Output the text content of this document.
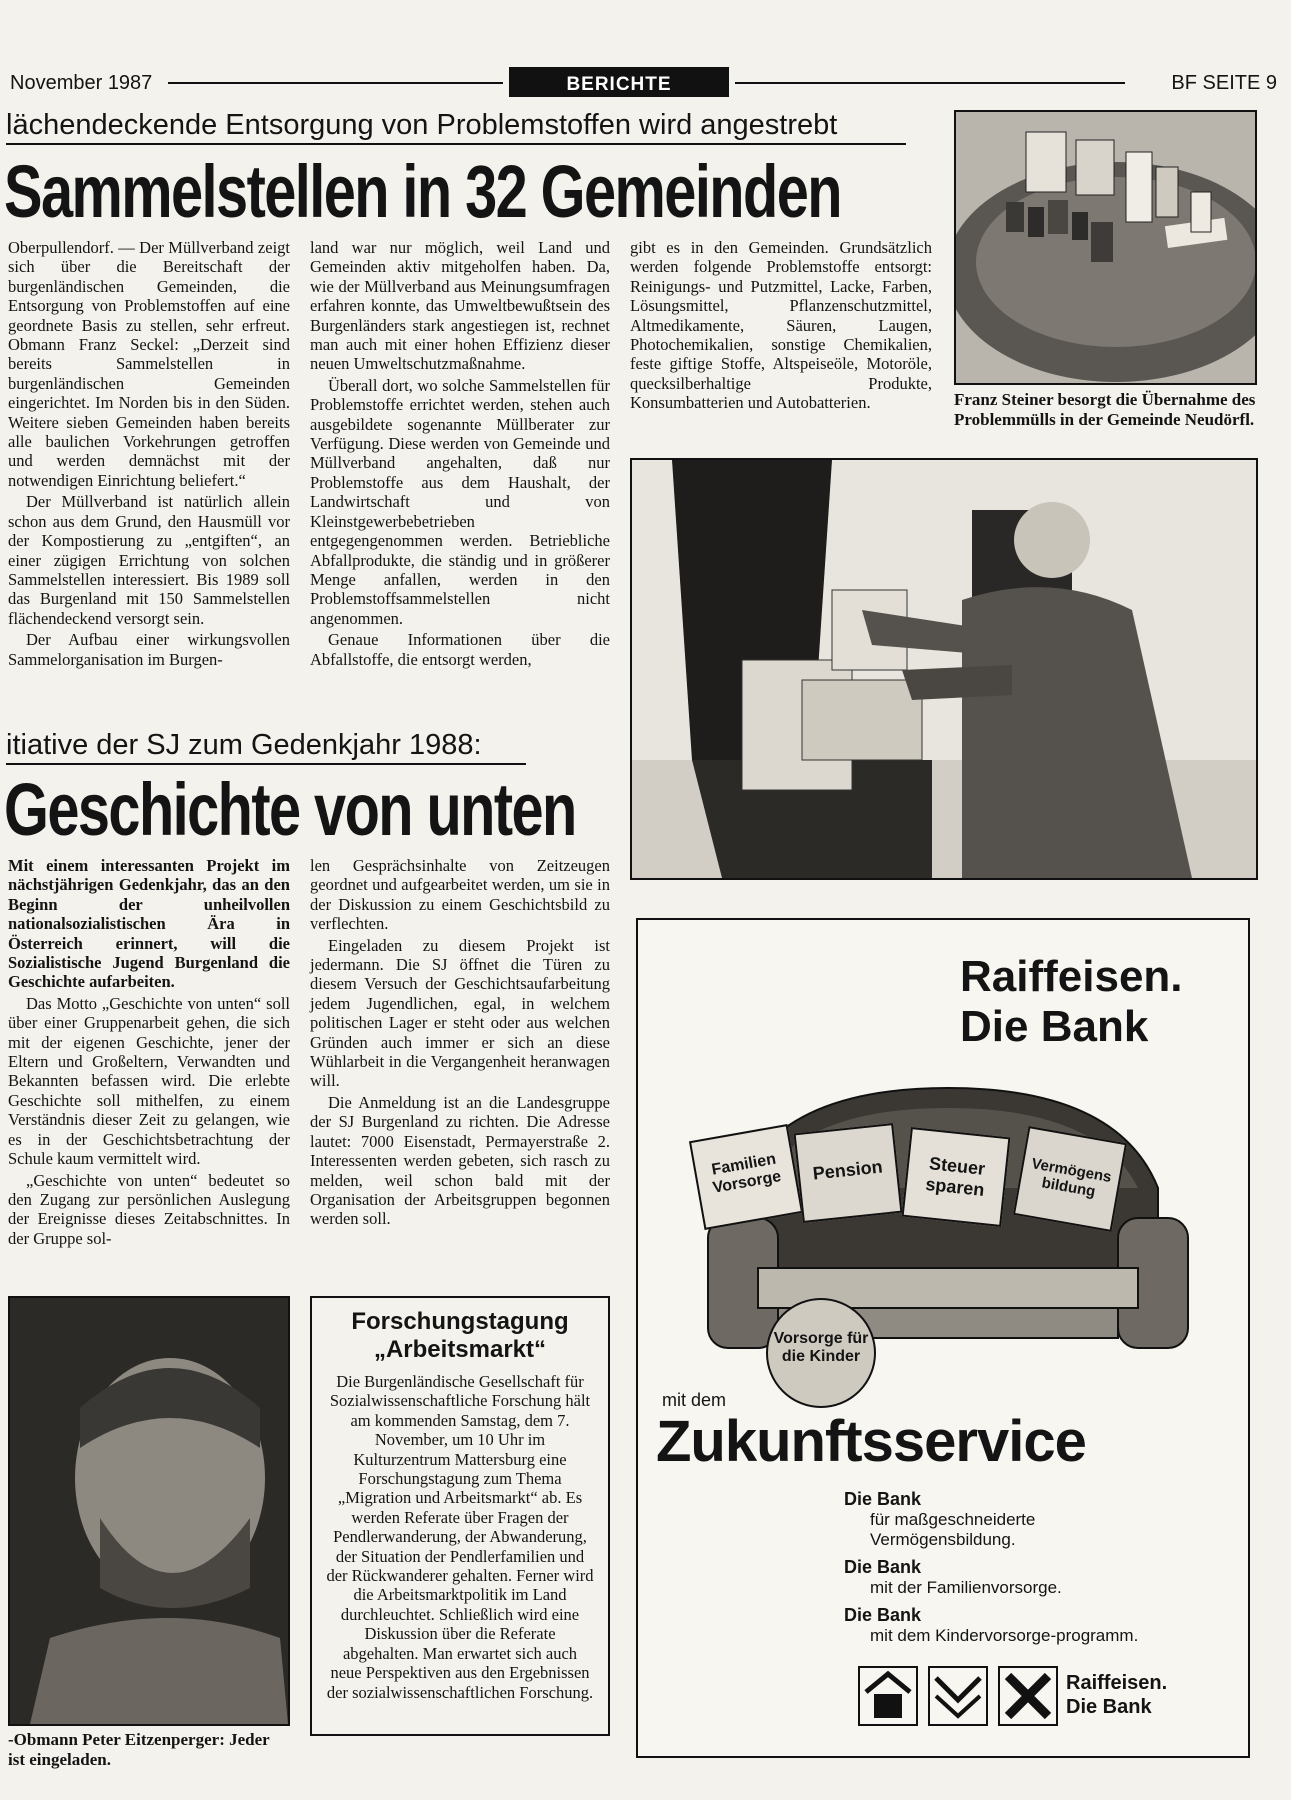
November 1987	BERICHTE	BF SEITE 9
lächendeckende Entsorgung von Problemstoffen wird angestrebt
Sammelstellen in 32 Gemeinden

Oberpullendorf. — Der Müllverband zeigt sich über die Bereitschaft der burgenländischen Gemeinden, die Entsorgung von Problemstoffen auf eine geordnete Basis zu stellen, sehr erfreut. Obmann Franz Seckel: „Derzeit sind bereits Sammelstellen in burgenländischen Gemeinden eingerichtet. Im Norden bis in den Süden. Weitere sieben Gemeinden haben bereits alle baulichen Vorkehrungen getroffen und werden demnächst mit der notwendigen Einrichtung beliefert.“

Der Müllverband ist natürlich allein schon aus dem Grund, den Hausmüll vor der Kompostierung zu „entgiften“, an einer zügigen Errichtung von solchen Sammelstellen interessiert. Bis 1989 soll das Burgenland mit 150 Sammelstellen flächendeckend versorgt sein.

Der Aufbau einer wirkungsvollen Sammelorganisation im Burgen-

land war nur möglich, weil Land und Gemeinden aktiv mitgeholfen haben. Da, wie der Müllverband aus Meinungsumfragen erfahren konnte, das Umweltbewußtsein des Burgenländers stark angestiegen ist, rechnet man auch mit einer hohen Effizienz dieser neuen Umweltschutzmaßnahme.

Überall dort, wo solche Sammelstellen für Problemstoffe errichtet werden, stehen auch ausgebildete sogenannte Müllberater zur Verfügung. Diese werden von Gemeinde und Müllverband angehalten, daß nur Problemstoffe aus dem Haushalt, der Landwirtschaft und von Kleinstgewerbebetrieben entgegengenommen werden. Betriebliche Abfallprodukte, die ständig und in größerer Menge anfallen, werden in den Problemstoffsammelstellen nicht angenommen.

Genaue Informationen über die Abfallstoffe, die entsorgt werden,

gibt es in den Gemeinden. Grundsätzlich werden folgende Problemstoffe entsorgt: Reinigungs- und Putzmittel, Lacke, Farben, Lösungsmittel, Pflanzenschutzmittel, Altmedikamente, Säuren, Laugen, Photochemikalien, sonstige Chemikalien, feste giftige Stoffe, Altspeiseöle, Motoröle, quecksilberhaltige Produkte, Konsumbatterien und Autobatterien.	Franz Steiner besorgt die Übernahme des Problemmülls in der Gemeinde Neudörfl.
itiative der SJ zum Gedenkjahr 1988:
Geschichte von unten

Mit einem interessanten Projekt im nächstjährigen Gedenkjahr, das an den Beginn der unheilvollen nationalsozialistischen Ära in Österreich erinnert, will die Sozialistische Jugend Burgenland die Geschichte aufarbeiten.

Das Motto „Geschichte von unten“ soll über einer Gruppenarbeit gehen, die sich mit der eigenen Geschichte, jener der Eltern und Großeltern, Verwandten und Bekannten befassen wird. Die erlebte Geschichte soll mithelfen, zu einem Verständnis dieser Zeit zu gelangen, wie es in der Geschichtsbetrachtung der Schule kaum vermittelt wird.

„Geschichte von unten“ bedeutet so den Zugang zur persönlichen Auslegung der Ereignisse dieses Zeitabschnittes. In der Gruppe sol-

len Gesprächsinhalte von Zeitzeugen geordnet und aufgearbeitet werden, um sie in der Diskussion zu einem Geschichtsbild zu verflechten.

Eingeladen zu diesem Projekt ist jedermann. Die SJ öffnet die Türen zu diesem Versuch der Geschichtsaufarbeitung jedem Jugendlichen, egal, in welchem politischen Lager er steht oder aus welchen Gründen auch immer er sich an diese Wühlarbeit in die Vergangenheit heranwagen will.

Die Anmeldung ist an die Landesgruppe der SJ Burgenland zu richten. Die Adresse lautet: 7000 Eisenstadt, Permayerstraße 2. Interessenten werden gebeten, sich rasch zu melden, weil schon bald mit der Organisation der Arbeitsgruppen begonnen werden soll.

-Obmann Peter Eitzenperger: Jeder ist eingeladen.
Forschungstagung „Arbeitsmarkt“
Die Burgenländische Gesellschaft für Sozialwissenschaftliche Forschung hält am kommenden Samstag, dem 7. November, um 10 Uhr im Kulturzentrum Mattersburg eine Forschungstagung zum Thema „Migration und Arbeitsmarkt“ ab. Es werden Referate über Fragen der Pendlerwanderung, der Abwanderung, der Situation der Pendlerfamilien und der Rückwanderer gehalten. Ferner wird die Arbeitsmarktpolitik im Land durchleuchtet. Schließlich wird eine Diskussion über die Referate abgehalten. Man erwartet sich auch neue Perspektiven aus den Ergebnissen der sozialwissenschaftlichen Forschung.
Raiffeisen.
Die Bank
Familien Vorsorge	Pension	Steuer sparen
Vermögens bildung
Vorsorge für die Kinder
mit dem
Zukunftsservice
Die Bank
für maßgeschneiderte Vermögensbildung.
Die Bank
mit der Familienvorsorge.
Die Bank
mit dem Kindervorsorge-programm.
Raiffeisen.
Die Bank
